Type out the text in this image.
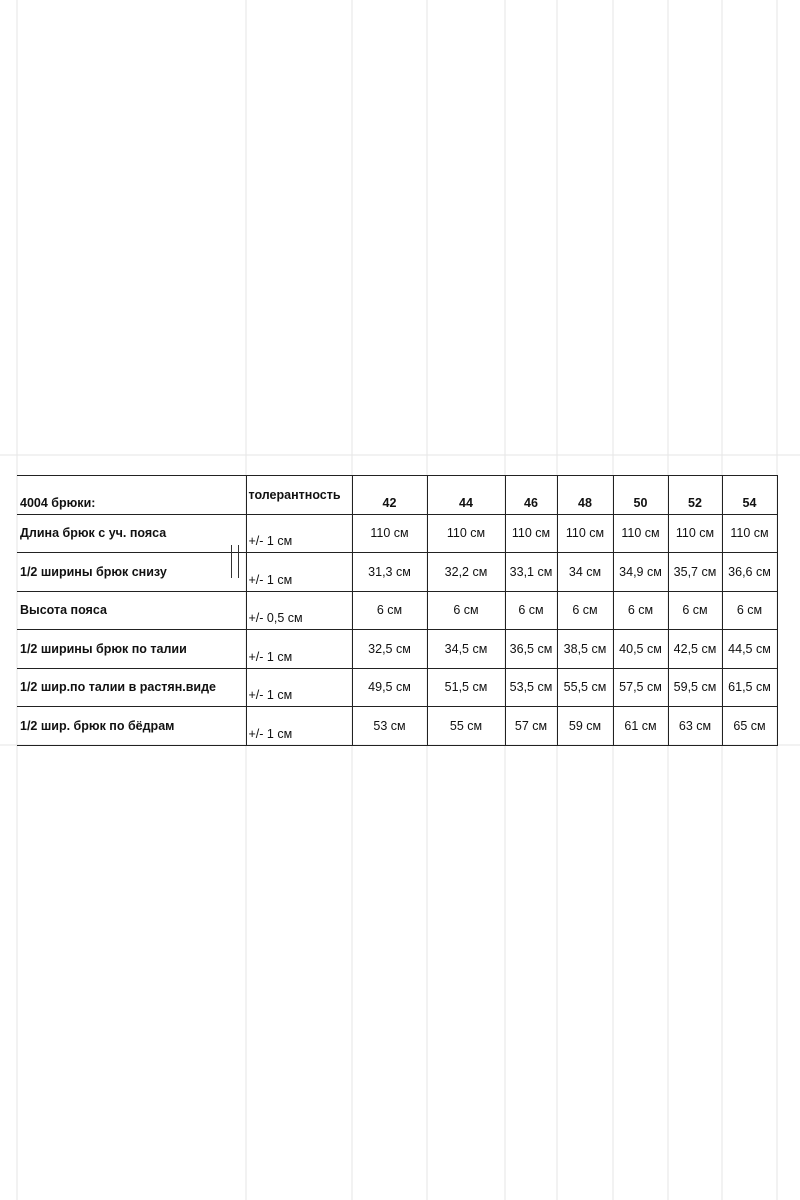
4004 брюки:	толерантность	42	44	46	48	50	52	54
Длина брюк с уч. пояса	+/- 1 см	110 см	110 см	110 см	110 см	110 см	110 см	110 см
1/2 ширины брюк снизу	+/- 1 см	31,3 см	32,2 см	33,1 см	34 см	34,9 см	35,7 см	36,6 см
Высота пояса	+/- 0,5 см	6 см	6 см	6 см	6 см	6 см	6 см	6 см
1/2 ширины брюк по талии	+/- 1 см	32,5 см	34,5 см	36,5 см	38,5 см	40,5 см	42,5 см	44,5 см
1/2 шир.по талии в растян.виде	+/- 1 см	49,5 см	51,5 см	53,5 см	55,5 см	57,5 см	59,5 см	61,5 см
1/2 шир. брюк по бёдрам	+/- 1 см	53 см	55 см	57 см	59 см	61 см	63 см	65 см
